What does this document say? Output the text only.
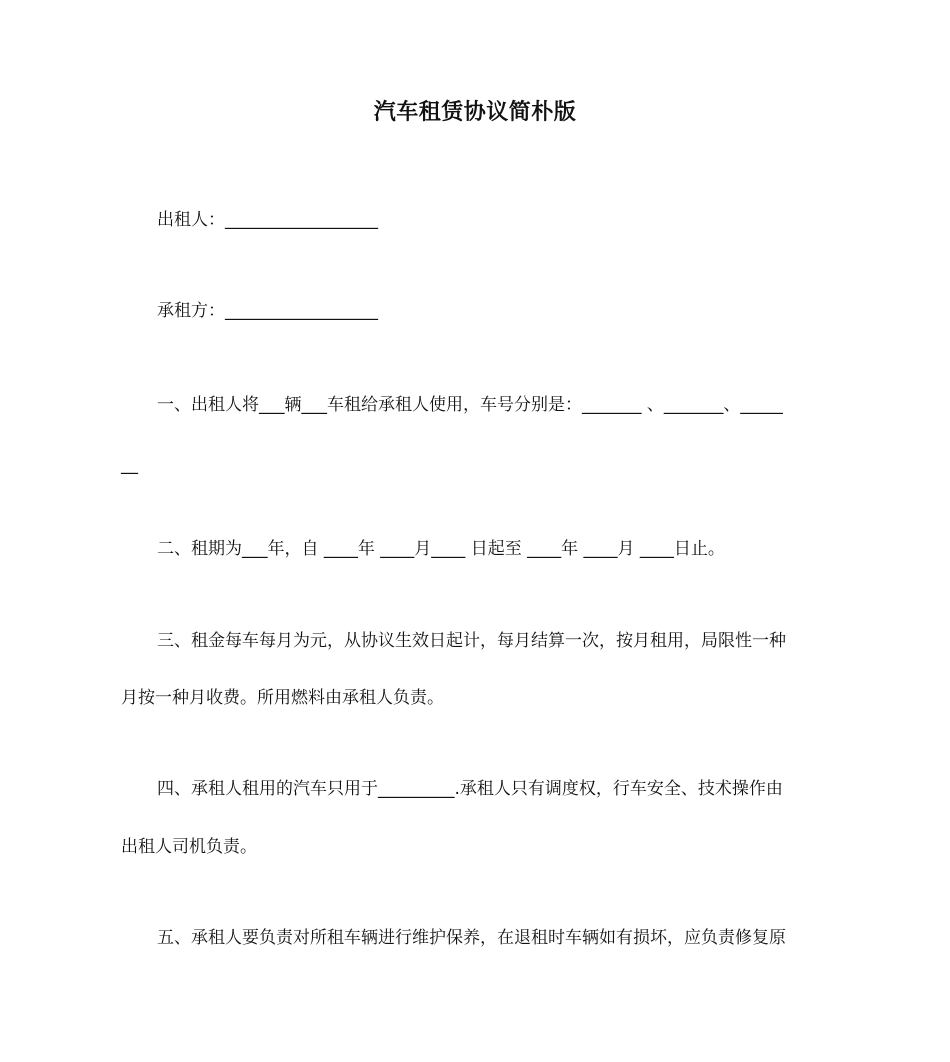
汽车租赁协议简朴版
出租人：__________________
承租方：__________________
一、出租人将___辆___车租给承租人使用，车号分别是：_______ 、_______、_____
__
二、租期为___年，自 ____年 ____月____ 日起至 ____年 ____月 ____日止。
三、租金每车每月为元，从协议生效日起计，每月结算一次，按月租用，局限性一种
月按一种月收费。所用燃料由承租人负责。
四、承租人租用的汽车只用于_________.承租人只有调度权，行车安全、技术操作由
出租人司机负责。
五、承租人要负责对所租车辆进行维护保养，在退租时车辆如有损坏，应负责修复原
